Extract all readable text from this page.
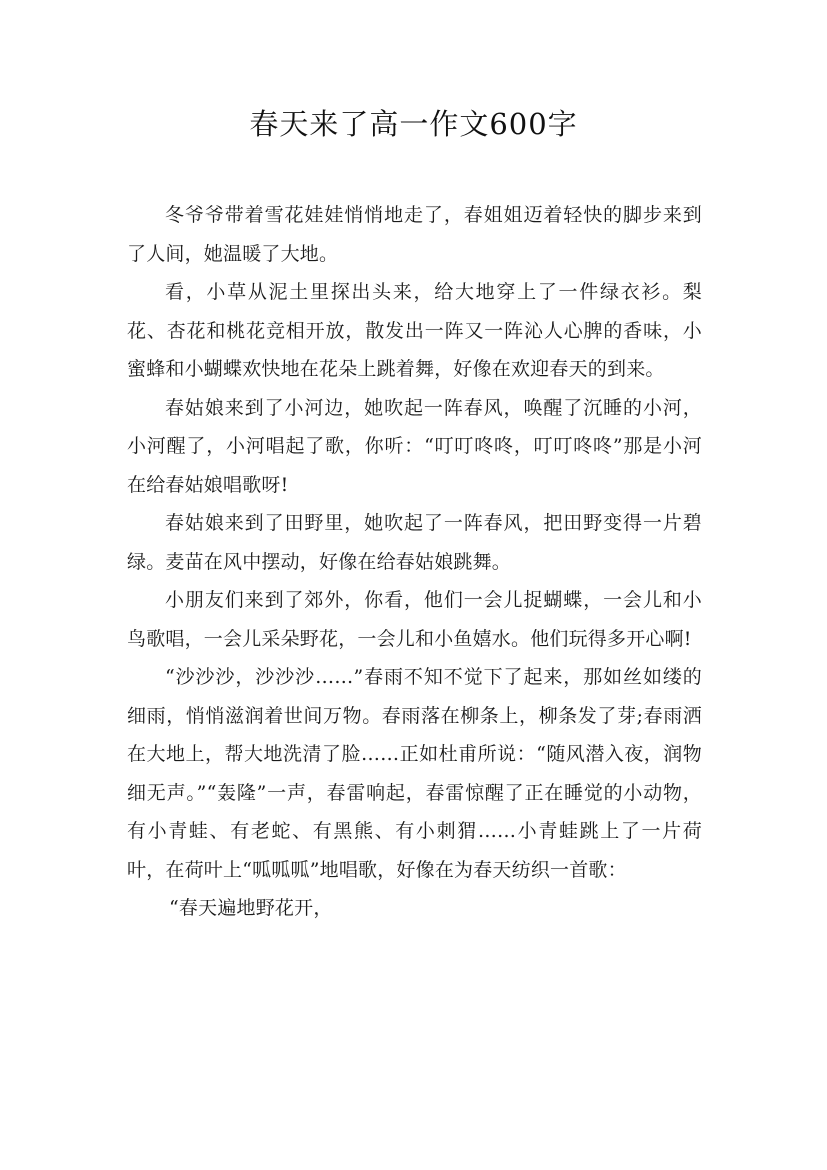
春天来了高一作文600字

冬爷爷带着雪花娃娃悄悄地走了，春姐姐迈着轻快的脚步来到了人间，她温暖了大地。

看，小草从泥土里探出头来，给大地穿上了一件绿衣衫。梨花、杏花和桃花竞相开放，散发出一阵又一阵沁人心脾的香味，小蜜蜂和小蝴蝶欢快地在花朵上跳着舞，好像在欢迎春天的到来。

春姑娘来到了小河边，她吹起一阵春风，唤醒了沉睡的小河，小河醒了，小河唱起了歌，你听：“叮叮咚咚，叮叮咚咚”那是小河在给春姑娘唱歌呀!

春姑娘来到了田野里，她吹起了一阵春风，把田野变得一片碧绿。麦苗在风中摆动，好像在给春姑娘跳舞。

小朋友们来到了郊外，你看，他们一会儿捉蝴蝶，一会儿和小鸟歌唱，一会儿采朵野花，一会儿和小鱼嬉水。他们玩得多开心啊!

“沙沙沙，沙沙沙……”春雨不知不觉下了起来，那如丝如缕的细雨，悄悄滋润着世间万物。春雨落在柳条上，柳条发了芽;春雨洒在大地上，帮大地洗清了脸……正如杜甫所说：“随风潜入夜，润物细无声。”“轰隆”一声，春雷响起，春雷惊醒了正在睡觉的小动物，有小青蛙、有老蛇、有黑熊、有小刺猬……小青蛙跳上了一片荷叶，在荷叶上“呱呱呱”地唱歌，好像在为春天纺织一首歌：

“春天遍地野花开，
